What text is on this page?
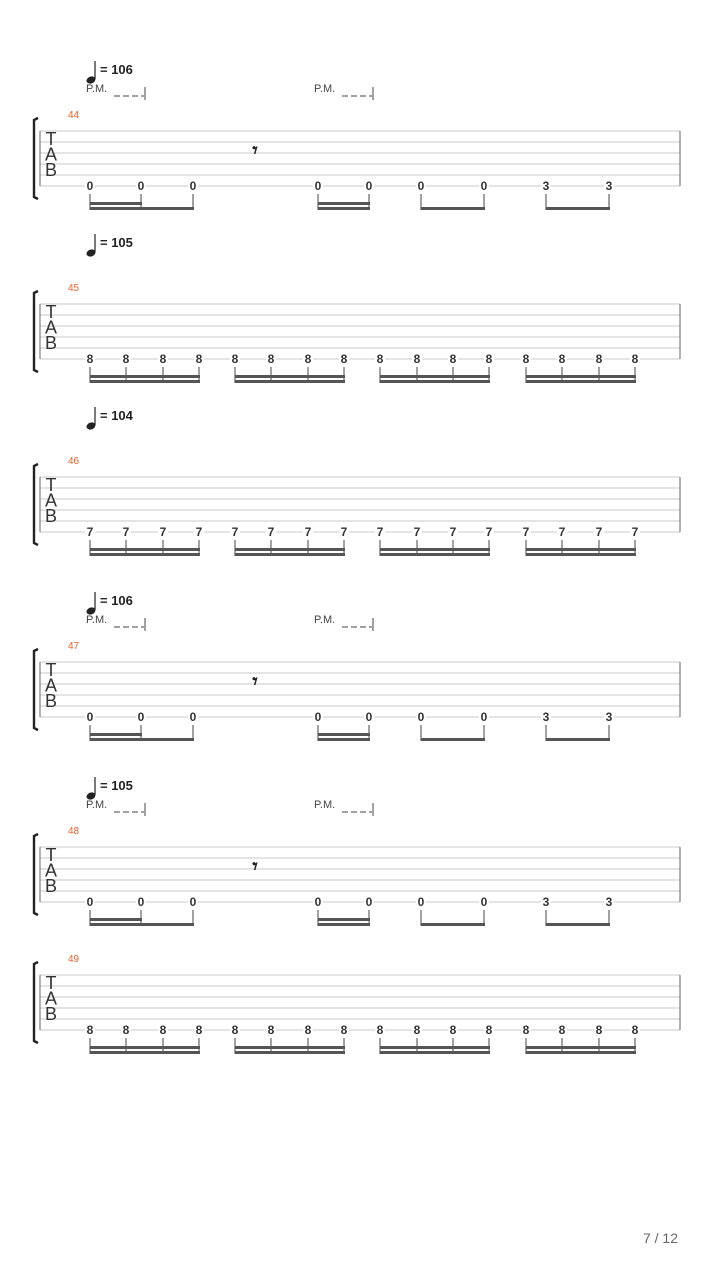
T
A
B
44
= 106
P.M.	P.M.
𝄾
0	0	0	0	0	0	0	3	3
T
A
B
45
= 105
8 8	8 8 8 8	8 8 8	8 8 8	8 8	8 8
T
A
B
46
= 104
7 7	7 7 7 7	7 7 7	7 7 7	7 7	7 7
T
A
B
47
= 106
P.M.	P.M.
𝄾
0	0	0	0	0	0	0	3	3
T
A
B
48
= 105
P.M.	P.M.
𝄾
0	0	0	0	0	0	0	3	3
T
A
B
49
8 8	8 8 8 8	8 8 8	8 8 8	8 8	8 8
7 / 12
